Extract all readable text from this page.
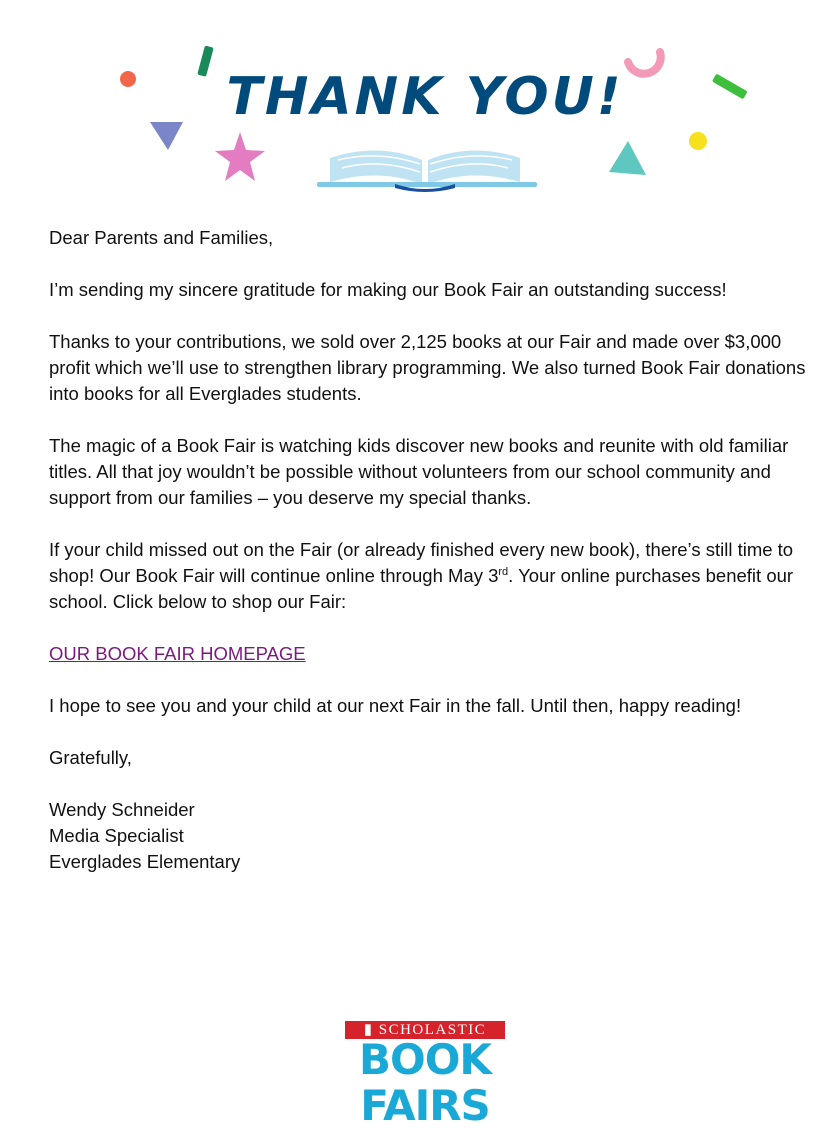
THANK YOU!

Dear Parents and Families,

I’m sending my sincere gratitude for making our Book Fair an outstanding success!

Thanks to your contributions, we sold over 2,125 books at our Fair and made over $3,000 profit which we’ll use to strengthen library programming. We also turned Book Fair donations into books for all Everglades students.

The magic of a Book Fair is watching kids discover new books and reunite with old familiar titles. All that joy wouldn’t be possible without volunteers from our school community and support from our families – you deserve my special thanks.

If your child missed out on the Fair (or already finished every new book), there’s still time to shop! Our Book Fair will continue online through May 3rd. Your online purchases benefit our school. Click below to shop our Fair:

OUR BOOK FAIR HOMEPAGE

I hope to see you and your child at our next Fair in the fall. Until then, happy reading!

Gratefully,

Wendy Schneider
Media Specialist
Everglades Elementary

▮ SCHOLASTIC
BOOK FAIRS
